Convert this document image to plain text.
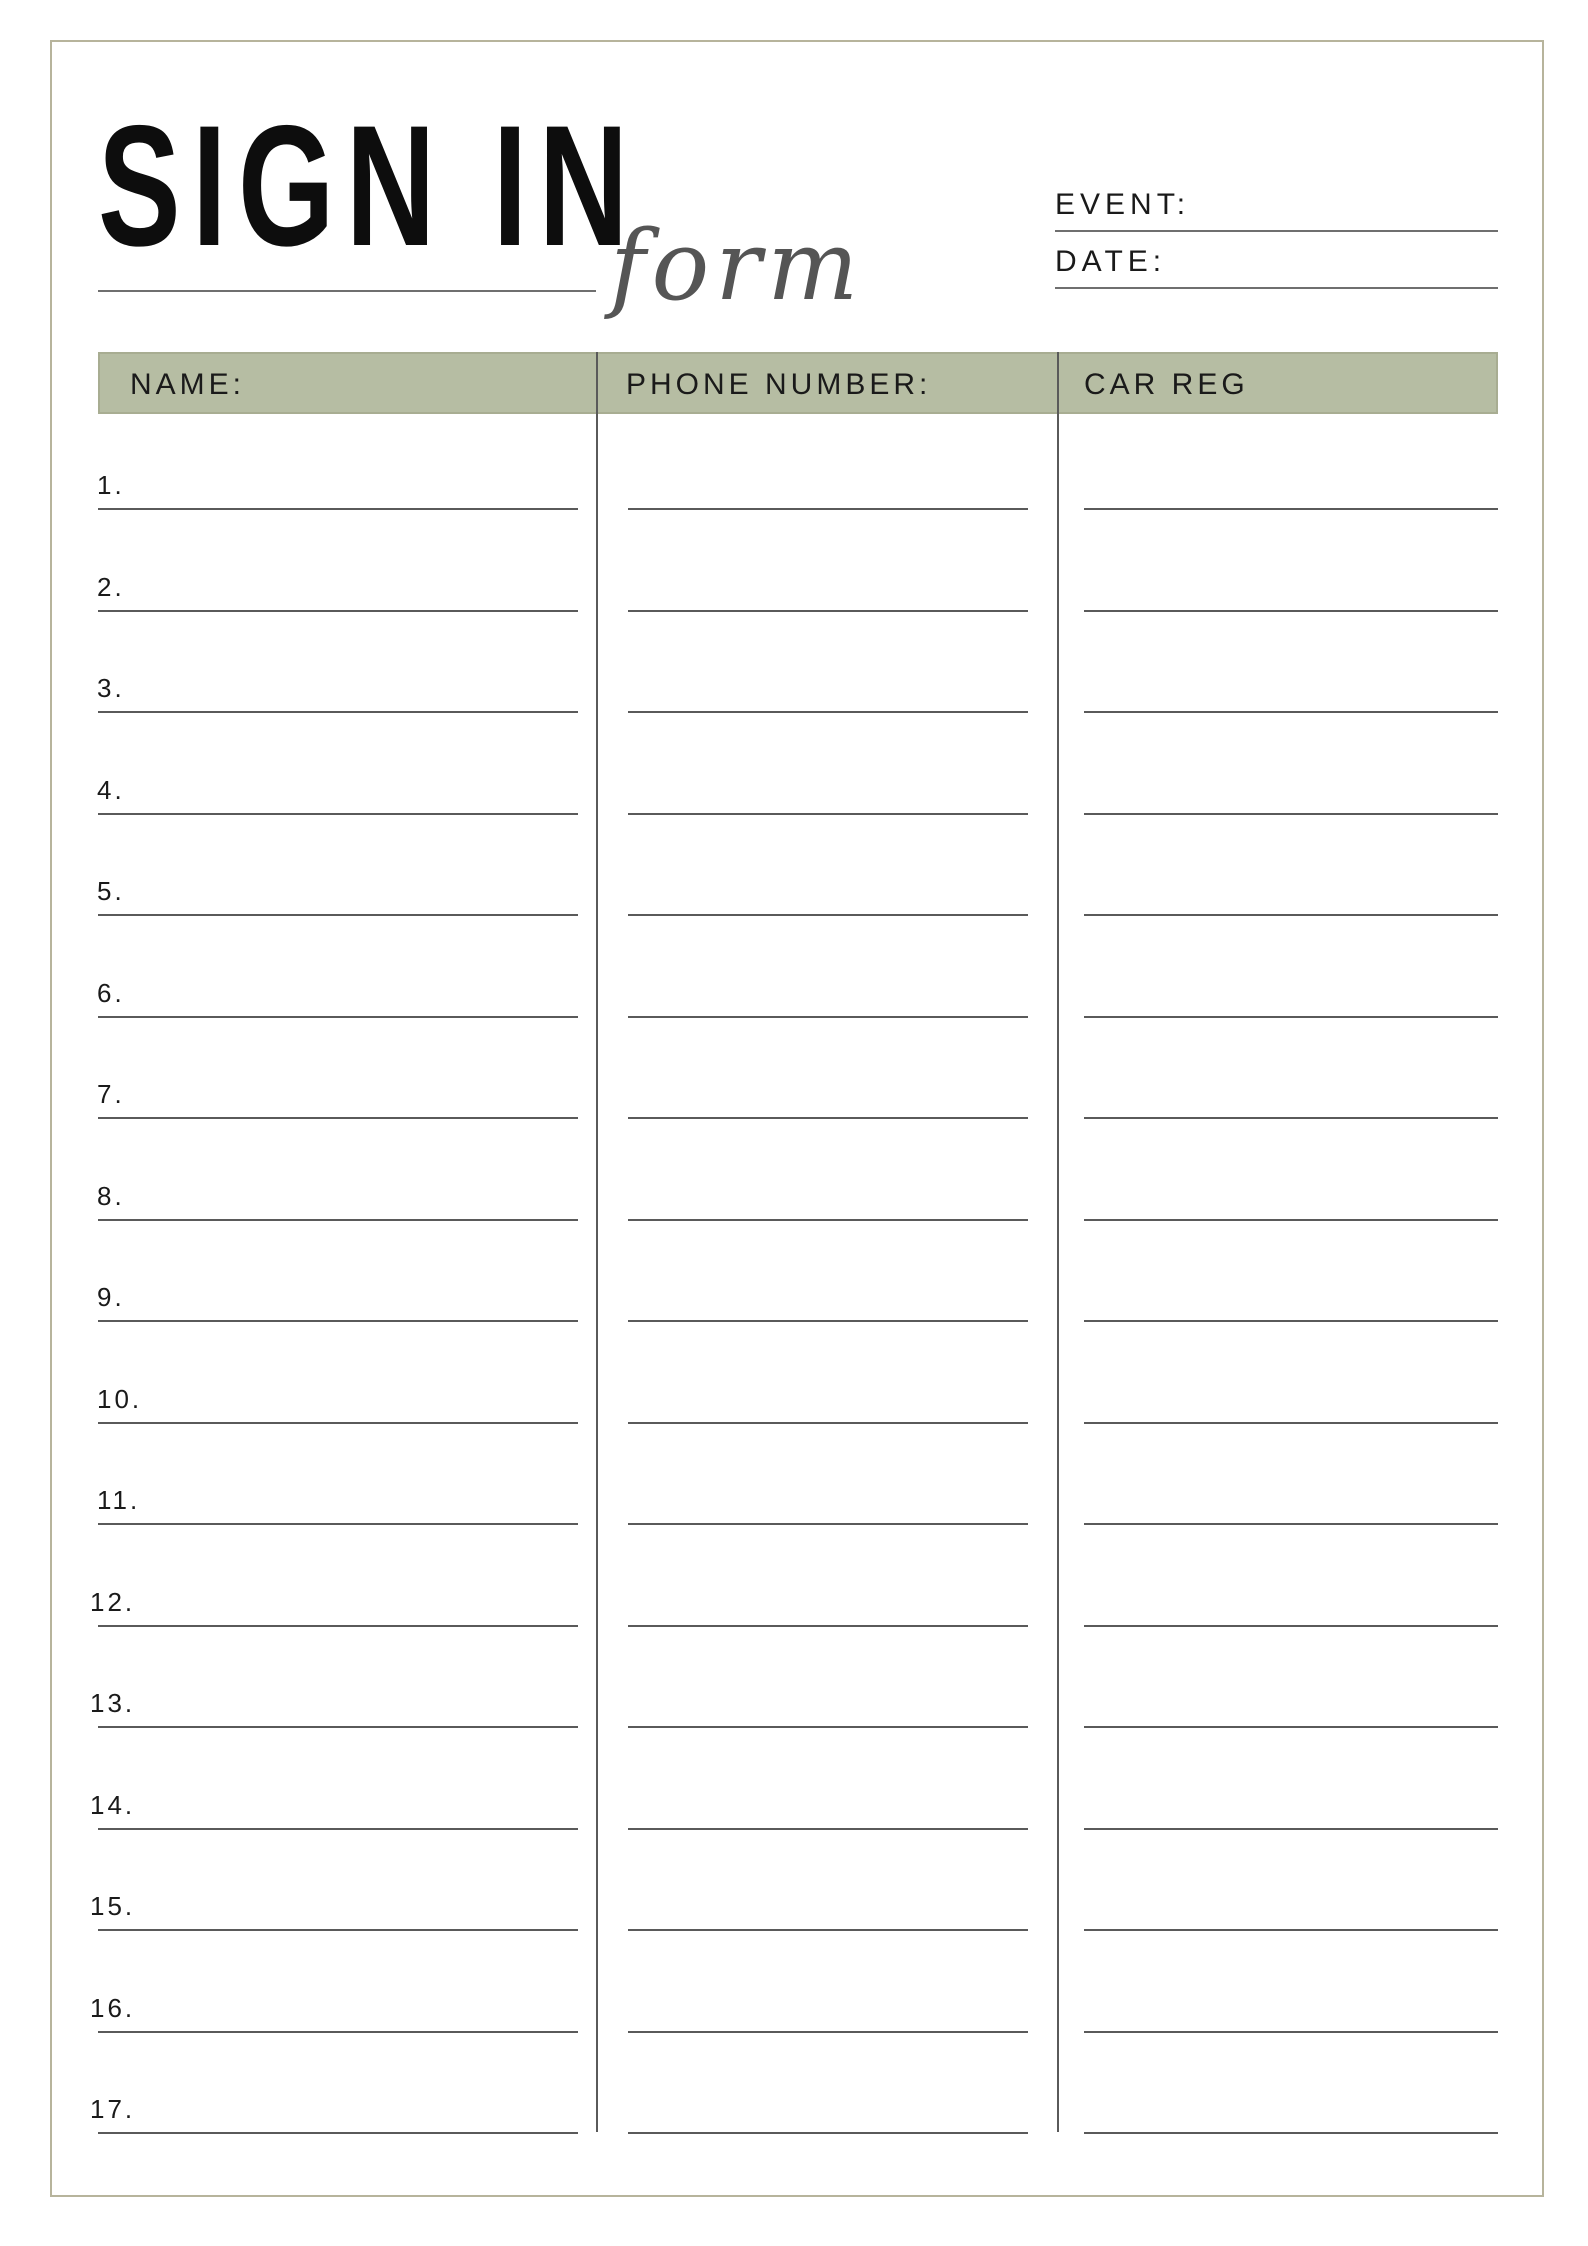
SIGN IN
form
EVENT:
DATE:
NAME:	PHONE NUMBER:	CAR REG
1.
2.
3.
4.
5.
6.
7.
8.
9.
10.
11.
12.
13.
14.
15.
16.
17.
